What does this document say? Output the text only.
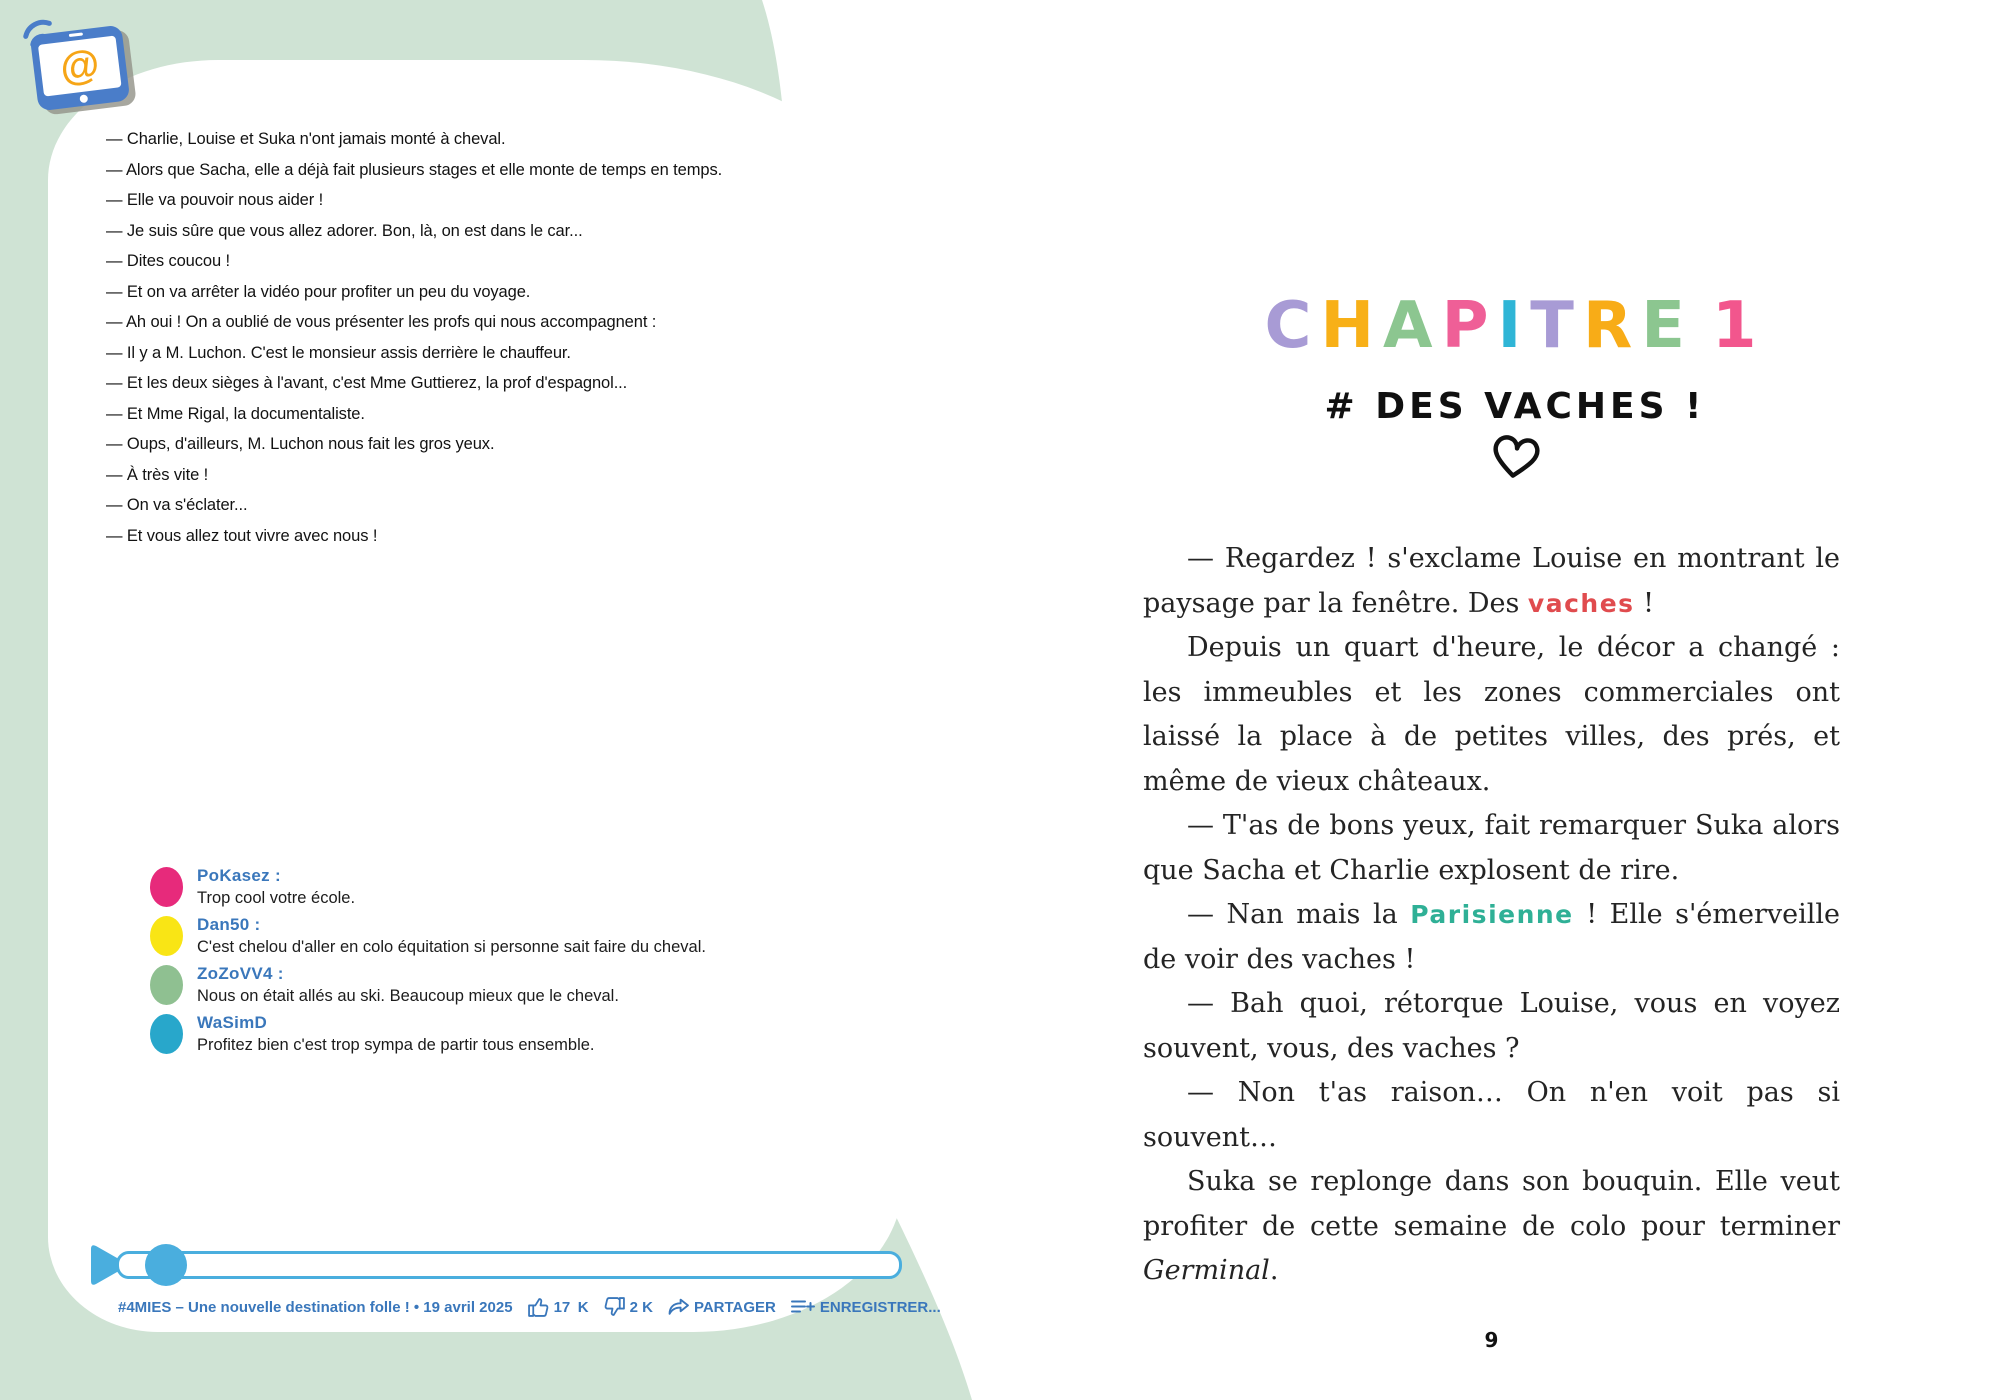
@
— Charlie, Louise et Suka n'ont jamais monté à cheval.
— Alors que Sacha, elle a déjà fait plusieurs stages et elle monte de temps en temps.
— Elle va pouvoir nous aider !
— Je suis sûre que vous allez adorer. Bon, là, on est dans le car...
— Dites coucou !
— Et on va arrêter la vidéo pour profiter un peu du voyage.
— Ah oui ! On a oublié de vous présenter les profs qui nous accompagnent :
— Il y a M. Luchon. C'est le monsieur assis derrière le chauffeur.
— Et les deux sièges à l'avant, c'est Mme Guttierez, la prof d'espagnol...
— Et Mme Rigal, la documentaliste.
— Oups, d'ailleurs, M. Luchon nous fait les gros yeux.
— À très vite !
— On va s'éclater...
— Et vous allez tout vivre avec nous !
PoKasez :
Trop cool votre école.
Dan50 :
C'est chelou d'aller en colo équitation si personne sait faire du cheval.
ZoZoVV4 :
Nous on était allés au ski. Beaucoup mieux que le cheval.
WaSimD
Profitez bien c'est trop sympa de partir tous ensemble.
#4MIES – Une nouvelle destination folle ! • 19 avril 2025	17 K	2 K	PARTAGER	ENREGISTRER...
CHAPITRE 1
# DES VACHES !

— Regardez ! s'exclame Louise en montrant le paysage par la fenêtre. Des vaches !

Depuis un quart d'heure, le décor a changé : les immeubles et les zones commerciales ont laissé la place à de petites villes, des prés, et même de vieux châteaux.

— T'as de bons yeux, fait remarquer Suka alors que Sacha et Charlie explosent de rire.

— Nan mais la Parisienne ! Elle s'émerveille de voir des vaches !

— Bah quoi, rétorque Louise, vous en voyez souvent, vous, des vaches ?

— Non t'as raison… On n'en voit pas si souvent…

Suka se replonge dans son bouquin. Elle veut profiter de cette semaine de colo pour terminer Germinal.

9
